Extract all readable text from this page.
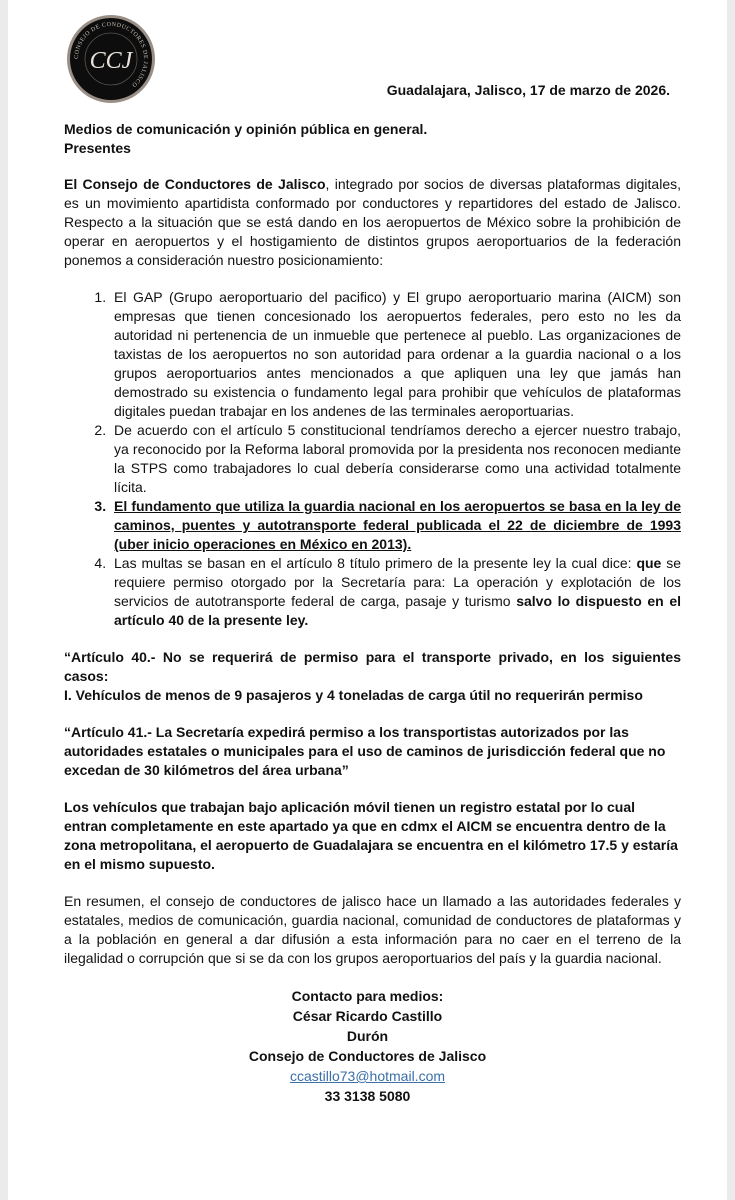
CONSEJO DE CONDUCTORES DE JALISCO
CCJ

Guadalajara, Jalisco, 17 de marzo de 2026.

Medios de comunicación y opinión pública en general.

Presentes

El Consejo de Conductores de Jalisco, integrado por socios de diversas plataformas digitales, es un movimiento apartidista conformado por conductores y repartidores del estado de Jalisco. Respecto a la situación que se está dando en los aeropuertos de México sobre la prohibición de operar en aeropuertos y el hostigamiento de distintos grupos aeroportuarios de la federación ponemos a consideración nuestro posicionamiento:

1. El GAP (Grupo aeroportuario del pacifico) y El grupo aeroportuario marina (AICM) son empresas que tienen concesionado los aeropuertos federales, pero esto no les da autoridad ni pertenencia de un inmueble que pertenece al pueblo. Las organizaciones de taxistas de los aeropuertos no son autoridad para ordenar a la guardia nacional o a los grupos aeroportuarios antes mencionados a que apliquen una ley que jamás han demostrado su existencia o fundamento legal para prohibir que vehículos de plataformas digitales puedan trabajar en los andenes de las terminales aeroportuarias.
2. De acuerdo con el artículo 5 constitucional tendríamos derecho a ejercer nuestro trabajo, ya reconocido por la Reforma laboral promovida por la presidenta nos reconocen mediante la STPS como trabajadores lo cual debería considerarse como una actividad totalmente lícita.
3. El fundamento que utiliza la guardia nacional en los aeropuertos se basa en la ley de caminos, puentes y autotransporte federal publicada el 22 de diciembre de 1993 (uber inicio operaciones en México en 2013).
4. Las multas se basan en el artículo 8 título primero de la presente ley la cual dice: que se requiere permiso otorgado por la Secretaría para: La operación y explotación de los servicios de autotransporte federal de carga, pasaje y turismo salvo lo dispuesto en el artículo 40 de la presente ley.

“Artículo 40.- No se requerirá de permiso para el transporte privado, en los siguientes casos:

I. Vehículos de menos de 9 pasajeros y 4 toneladas de carga útil no requerirán permiso

“Artículo 41.- La Secretaría expedirá permiso a los transportistas autorizados por las autoridades estatales o municipales para el uso de caminos de jurisdicción federal que no excedan de 30 kilómetros del área urbana”

Los vehículos que trabajan bajo aplicación móvil tienen un registro estatal por lo cual entran completamente en este apartado ya que en cdmx el AICM se encuentra dentro de la zona metropolitana, el aeropuerto de Guadalajara se encuentra en el kilómetro 17.5 y estaría en el mismo supuesto.

En resumen, el consejo de conductores de jalisco hace un llamado a las autoridades federales y estatales, medios de comunicación, guardia nacional, comunidad de conductores de plataformas y a la población en general a dar difusión a esta información para no caer en el terreno de la ilegalidad o corrupción que si se da con los grupos aeroportuarios del país y la guardia nacional.

Contacto para medios:

César Ricardo Castillo

Durón

Consejo de Conductores de Jalisco

ccastillo73@hotmail.com

33 3138 5080
